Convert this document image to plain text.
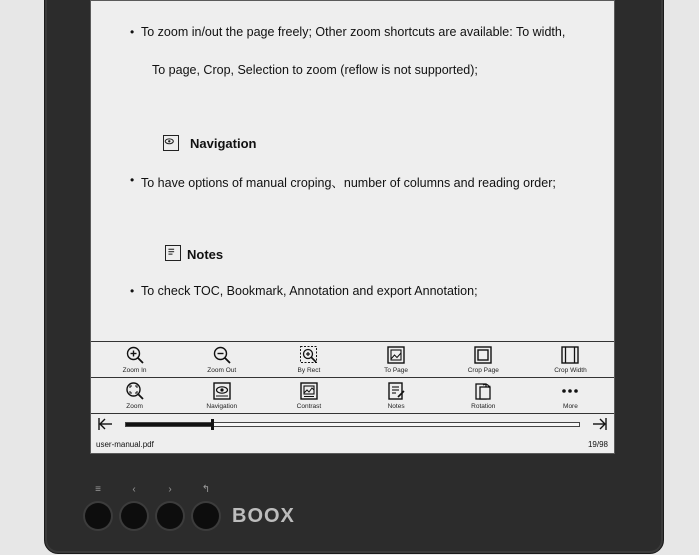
• To zoom in/out the page freely; Other zoom shortcuts are available: To width,
To page, Crop, Selection to zoom (reflow is not supported);
Navigation
• To have options of manual croping、number of columns and reading order;
Notes
• To check TOC, Bookmark, Annotation and export Annotation;
Zoom In	Zoom Out	By Rect	To Page	Crop Page	Crop Width
Zoom	Navigation	Contrast	Notes	Rotation	More
user-manual.pdf	19/98
≡	‹	›	↰
BOOX
